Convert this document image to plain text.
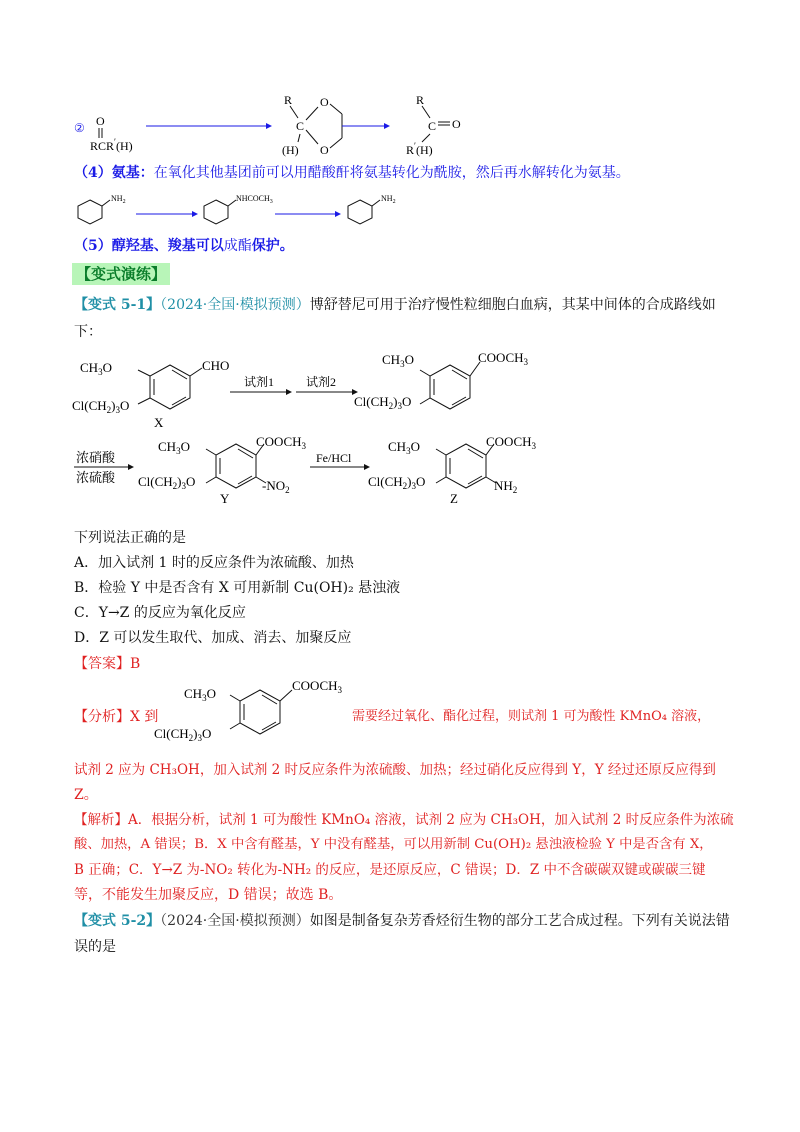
② O
RCR′(H)
R
C
(H)
O
O
R
C O
R′(H)
（4）氨基：在氧化其他基团前可以用醋酸酐将氨基转化为酰胺，然后再水解转化为氨基。
$NH_2$	$NHCOCH_3$	$NH_2$
（5）醇羟基、羧基可以成酯保护。
【变式演练】
【变式 5-1】（2024·全国·模拟预测）博舒替尼可用于治疗慢性粒细胞白血病，其某中间体的合成路线如
下：
CHO
$CH_3O$
$Cl(CH_2)_3O$
X
试剂1	试剂2
$COOCH_3$
$CH_3O$
$Cl(CH_2)_3O$
浓硝酸
浓硫酸
$COOCH_3$
$CH_3O$
$Cl(CH_2)_3O$	$-NO_2$
Y
Fe/HCl
$COOCH_3$
$CH_3O$
$Cl(CH_2)_3O$	$NH_2$
Z
下列说法正确的是
A．加入试剂 1 时的反应条件为浓硫酸、加热
B．检验 Y 中是否含有 X 可用新制 Cu(OH)₂ 悬浊液
C．Y→Z 的反应为氧化反应
D．Z 可以发生取代、加成、消去、加聚反应
【答案】B
$COOCH_3$
$CH_3O$
$Cl(CH_2)_3O$
【分析】X 到	需要经过氧化、酯化过程，则试剂 1 可为酸性 KMnO₄ 溶液，
试剂 2 应为 CH₃OH，加入试剂 2 时反应条件为浓硫酸、加热；经过硝化反应得到 Y，Y 经过还原反应得到
Z。
【解析】A．根据分析，试剂 1 可为酸性 KMnO₄ 溶液，试剂 2 应为 CH₃OH，加入试剂 2 时反应条件为浓硫
酸、加热，A 错误；B．X 中含有醛基，Y 中没有醛基，可以用新制 Cu(OH)₂ 悬浊液检验 Y 中是否含有 X，
B 正确；C．Y→Z 为-NO₂ 转化为-NH₂ 的反应，是还原反应，C 错误；D．Z 中不含碳碳双键或碳碳三键
等，不能发生加聚反应，D 错误；故选 B。
【变式 5-2】（2024·全国·模拟预测）如图是制备复杂芳香烃衍生物的部分工艺合成过程。下列有关说法错
误的是
